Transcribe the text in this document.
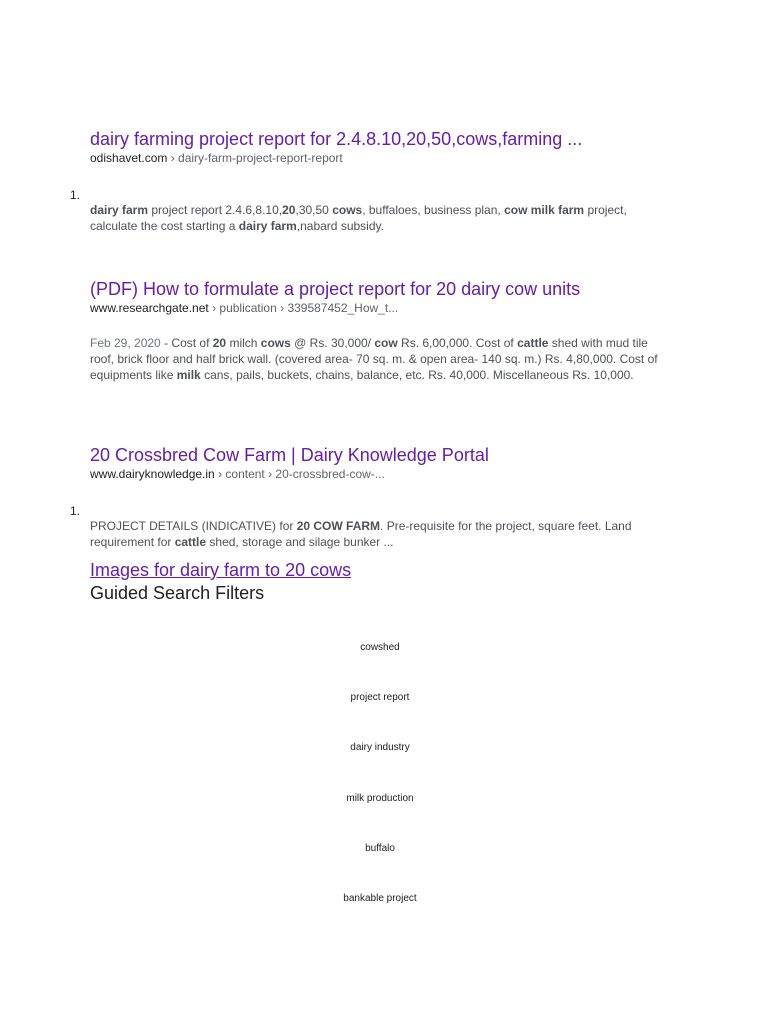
dairy farming project report for 2.4.8.10,20,50,cows,farming ...
odishavet.com › dairy-farm-project-report-report
1.
dairy farm project report 2.4.6,8.10,20,30,50 cows, buffaloes, business plan, cow milk farm project, calculate the cost starting a dairy farm,nabard subsidy.
(PDF) How to formulate a project report for 20 dairy cow units
www.researchgate.net › publication › 339587452_How_t...
Feb 29, 2020 - Cost of 20 milch cows @ Rs. 30,000/ cow Rs. 6,00,000. Cost of cattle shed with mud tile roof, brick floor and half brick wall. (covered area- 70 sq. m. & open area- 140 sq. m.) Rs. 4,80,000. Cost of equipments like milk cans, pails, buckets, chains, balance, etc. Rs. 40,000. Miscellaneous Rs. 10,000.
20 Crossbred Cow Farm | Dairy Knowledge Portal
www.dairyknowledge.in › content › 20-crossbred-cow-...
1.
PROJECT DETAILS (INDICATIVE) for 20 COW FARM. Pre-requisite for the project, square feet. Land requirement for cattle shed, storage and silage bunker ...
Images for dairy farm to 20 cows
Guided Search Filters
cowshed
project report
dairy industry
milk production
buffalo
bankable project
